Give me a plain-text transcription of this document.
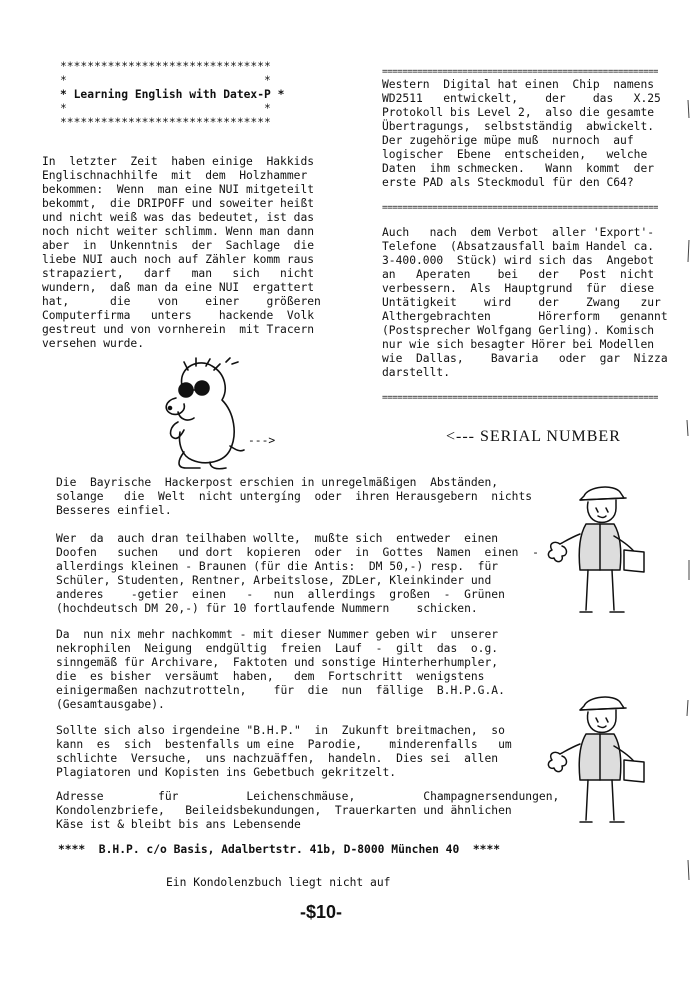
*******************************
*                             *
* Learning English with Datex-P *
*                             *
*******************************
In  letzter  Zeit  haben einige  Hakkids
Englischnachhilfe  mit  dem  Holzhammer
bekommen:  Wenn  man eine NUI mitgeteilt
bekommt,  die DRIPOFF und soweiter heißt
und nicht weiß was das bedeutet, ist das
noch nicht weiter schlimm. Wenn man dann
aber  in  Unkenntnis  der  Sachlage  die
liebe NUI auch noch auf Zähler komm raus
strapaziert,   darf   man   sich   nicht
wundern,  daß man da eine NUI  ergattert
hat,      die    von    einer    größeren
Computerfirma   unters    hackende  Volk
gestreut und von vornherein  mit Tracern
versehen wurde.
=======================================================
Western  Digital hat einen  Chip  namens
WD2511   entwickelt,    der    das   X.25
Protokoll bis Level 2,  also die gesamte
Übertragungs,  selbstständig  abwickelt.
Der zugehörige müpe muß  nurnoch  auf
logischer  Ebene  entscheiden,   welche
Daten  ihm schmecken.   Wann  kommt  der
erste PAD als Steckmodul für den C64?
=======================================================
Auch   nach  dem Verbot  aller 'Export'-
Telefone  (Absatzausfall baim Handel ca.
3-400.000  Stück) wird sich das  Angebot
an   Aperaten    bei   der   Post  nicht
verbessern.  Als  Hauptgrund  für  diese
Untätigkeit    wird    der    Zwang   zur
Althergebrachten       Hörerform   genannt
(Postsprecher Wolfgang Gerling). Komisch
nur wie sich besagter Hörer bei Modellen
wie  Dallas,    Bavaria   oder  gar  Nizza
darstellt.
=======================================================
--->	<--- SERIAL NUMBER
Die  Bayrische  Hackerpost erschien in unregelmäßigen  Abständen,
solange   die  Welt  nicht untergíng  oder  ihren Herausgebern  nichts
Besseres einfiel.
Wer  da  auch dran teilhaben wollte,  mußte sich  entweder  einen
Doofen   suchen   und dort  kopieren  oder  in  Gottes  Namen  einen  -
allerdings kleinen - Braunen (für die Antis:  DM 50,-) resp.  für
Schüler, Studenten, Rentner, Arbeitslose, ZDLer, Kleinkinder und
anderes    -getier  einen   -   nun  allerdings  großen  -  Grünen
(hochdeutsch DM 20,-) für 10 fortlaufende Nummern    schicken.
Da  nun nix mehr nachkommt - mit dieser Nummer geben wir  unserer
nekrophilen  Neigung  endgültig  freien  Lauf  -  gilt  das  o.g.
sinngemäß für Archivare,  Faktoten und sonstige Hinterherhumpler,
die  es bisher  versäumt  haben,   dem  Fortschritt  wenigstens
einigermaßen nachzutrotteln,    für  die  nun  fällige  B.H.P.G.A.
(Gesamtausgabe).
Sollte sich also irgendeine "B.H.P."  in  Zukunft breitmachen,  so
kann  es  sich  bestenfalls um eine  Parodie,    minderenfalls   um
schlichte  Versuche,  uns nachzuäffen,  handeln.  Dies sei  allen
Plagiatoren und Kopisten ins Gebetbuch gekritzelt.
Adresse        für          Leichenschmäuse,          Champagnersendungen,
Kondolenzbriefe,   Beileidsbekundungen,  Trauerkarten und ähnlichen
Käse ist & bleibt bis ans Lebensende
****  B.H.P. c/o Basis, Adalbertstr. 41b, D-8000 München 40  ****
Ein Kondolenzbuch liegt nicht auf
-$10-
